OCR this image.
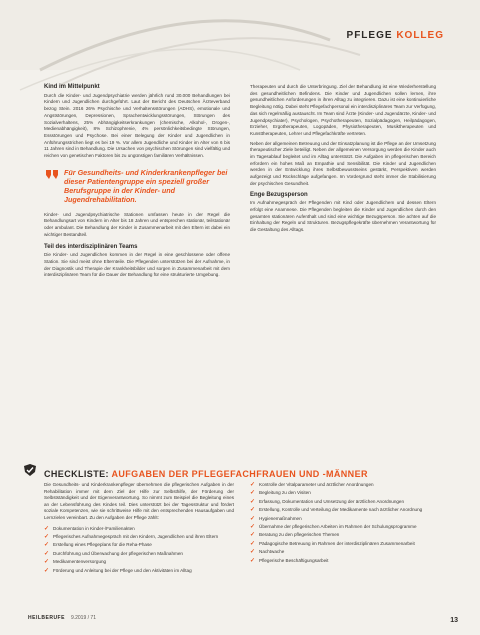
PFLEGE KOLLEG
Kind im Mittelpunkt

Durch die Kinder- und Jugendpsychiatrie werden jährlich rund 30.000 Behandlungen bei Kindern und Jugendlichen durchgeführt. Laut der Bericht des Deutschen Ärzteverband bezog Stein. 2016 26% Psychische und Verhaltensstörungen (ADHS), emotionale und Angststörungen, Depressionen, Sprachentwicklungsstörungen, Störungen des Sozialverhaltens, 25% Abhängigkeitserkrankungen (chemische, Alkohol-, Drogen-, Medienabhängigkeit), 8% Schizophrenie, 4% persönlichkeitsbedingte Störungen, Essstörungen und Psychose. Bei einer Belegung der Kinder und Jugendlichen in Anführungsstrichen liegt es bei 19 %. Vor allem Jugendliche und Kinder im Alter von 6 bis 11 Jahren sind in Behandlung. Die Ursachen von psychischen Störungen sind vielfältig und reichen von genetischen Faktoren bis zu ungünstigen familiären Verhältnissen.

Für Gesundheits- und Kinderkrankenpfleger bei dieser Patientengruppe ein speziell großer Berufsgruppe in der Kinder- und Jugendrehabilitation.

Kinder- und Jugendpsychiatrische Stationen umfassen heute in der Regel die Behandlungsart von Kindern im Alter bis 18 Jahren und entsprechen stationär, teilstationär oder ambulant. Die Behandlung der Kinder in Zusammenarbeit mit den Eltern ist dabei ein wichtiger Bestandteil.

Teil des interdisziplinären Teams

Die Kinder- und Jugendlichen kommen in der Regel in eine geschlossene oder offene Station. Sie sind meist ohne Elternteile. Die Pflegenden unterstützen bei der Aufnahme, in der Diagnostik und Therapie der Krankheitsbilder und sorgen in Zusammenarbeit mit dem interdisziplinären Team für die Dauer der Behandlung für eine strukturierte Umgebung.

Therapeuten und durch die Unterbringung. Ziel der Behandlung ist eine Wiederherstellung des gesundheitlichen Befindens. Die Kinder und Jugendlichen sollen lernen, ihre gesundheitlichen Anforderungen in ihren Alltag zu integrieren. Dazu ist eine kontinuierliche Begleitung nötig. Dabei steht Pflegefachpersonal ein interdisziplinäres Team zur Verfügung, das sich regelmäßig austauscht. Im Team sind Ärzte (Kinder- und Jugendärzte, Kinder- und Jugendpsychiater), Psychologen, Psychotherapeuten, Sozialpädagogen, Heilpädagogen, Erzieher, Ergotherapeuten, Logopäden, Physiotherapeuten, Musiktherapeuten und Kunsttherapeuten, Lehrer und Pflegefachkräfte vertreten.

Neben der allgemeinen Betreuung und der Einsatzplanung ist die Pflege an der Umsetzung therapeutischer Ziele beteiligt. Neben der allgemeinen Versorgung werden die Kinder auch im Tagesablauf begleitet und im Alltag unterstützt. Die Aufgaben im pflegerischen Bereich erfordern ein hohes Maß an Empathie und Sensibilität. Die Kinder und Jugendlichen werden in der Entwicklung ihres Selbstbewusstseins gestärkt, Perspektiven werden aufgezeigt und Rückschläge aufgefangen. Im Vordergrund steht immer die Stabilisierung der psychischen Gesundheit.

Enge Bezugsperson

Im Aufnahmegespräch der Pflegenden mit Kind oder Jugendlichem und dessen Eltern erfolgt eine Anamnese. Die Pflegenden begleiten die Kinder und Jugendlichen durch den gesamten stationären Aufenthalt und sind eine wichtige Bezugsperson. Sie achten auf die Einhaltung der Regeln und Strukturen. Bezugspflegekräfte übernehmen Verantwortung für die Gestaltung des Alltags.

CHECKLISTE: AUFGABEN DER PFLEGEFACHFRAUEN UND -MÄNNER

Die Gesundheits- und Kinderkrankenpfleger übernehmen die pflegerischen Aufgaben in der Rehabilitation immer mit dem Ziel der Hilfe zur Selbsthilfe, der Förderung der Selbstständigkeit und der Eigenverantwortung. So nimmt zum Beispiel die Begleitung eines an der Lebensführung des Kindes teil. Dies unterstützt bei der Tagesstruktur und fördert soziale Kompetenzen, wie sie schrittweise Hilfe mit den entsprechenden Hausaufgaben und Lernzielen vereinbart. Zu den Aufgaben der Pflege zählt:

✓ Dokumentation in Kinder-/Familienakten
✓ Pflegerisches Aufnahmegespräch mit den Kindern, Jugendlichen und ihren Eltern
✓ Erstellung eines Pflegeplans für die Reha-Phase
✓ Durchführung und Überwachung der pflegerischen Maßnahmen
✓ Medikamentenversorgung
✓ Förderung und Anleitung bei der Pflege und den Aktivitäten im Alltag
✓ Kontrolle der Vitalparameter und ärztlicher Anordnungen
✓ Begleitung zu den Visiten
✓ Erfassung, Dokumentation und Umsetzung der ärztlichen Anordnungen
✓ Erstellung, Kontrolle und Verteilung der Medikamente nach ärztlicher Anordnung
✓ Hygienemaßnahmen
✓ Übernahme der pflegerischen Arbeiten im Rahmen der Schulungsprogramme
✓ Beratung zu den pflegerischen Themen
✓ Pädagogische Betreuung im Rahmen der interdisziplinären Zusammenarbeit
✓ Nachtwache
✓ Pflegerische Beschäftigungsarbeit
HEILBERUFE 9.2019 / 71	13
